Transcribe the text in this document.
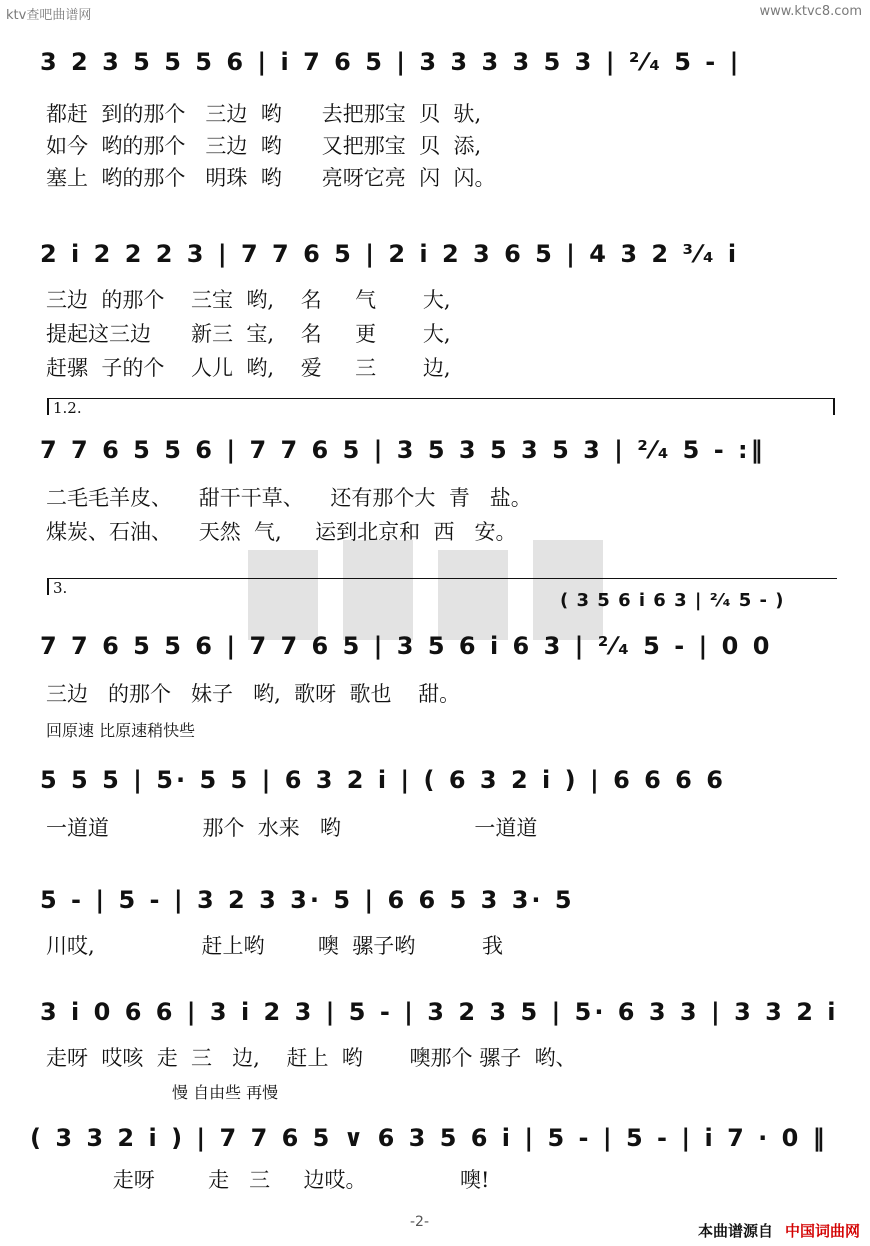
ktv查吧曲谱网	www.ktvc8.com
3 2 3 5 5 5 6 | i 7 6 5 | 3 3 3 3 5 3 | ²⁄₄ 5 - |
都赶  到的那个   三边  哟      去把那宝  贝  驮,
如今  哟的那个   三边  哟      又把那宝  贝  添,
塞上  哟的那个   明珠  哟      亮呀它亮  闪  闪。
2 i 2 2 2 3 | 7 7 6 5 | 2 i 2 3 6 5 | 4 3 2 ³⁄₄ i
三边  的那个    三宝  哟,    名     气       大,
提起这三边      新三  宝,    名     更       大,
赶骡  子的个    人儿  哟,    爱     三       边,
1.2.
7 7 6 5 5 6 | 7 7 6 5 | 3 5 3 5 3 5 3 | ²⁄₄ 5 - :‖
二毛毛羊皮、    甜干干草、    还有那个大  青   盐。
煤炭、石油、    天然  气,     运到北京和  西   安。
3.
( 3 5 6 i 6 3 | ²⁄₄ 5 - )
7 7 6 5 5 6 | 7 7 6 5 | 3 5 6 i 6 3 | ²⁄₄ 5 - | 0 0
三边   的那个   妹子   哟,  歌呀  歌也    甜。
回原速 比原速稍快些
5 5 5 | 5· 5 5 | 6 3 2 i | ( 6 3 2 i ) | 6 6 6 6
一道道              那个  水来   哟                    一道道
5 - | 5 - | 3 2 3 3· 5 | 6 6 5 3 3· 5
川哎,                赶上哟        噢  骡子哟          我
3 i 0 6 6 | 3 i 2 3 | 5 - | 3 2 3 5 | 5· 6 3 3 | 3 3 2 i
走呀  哎咳  走  三   边,    赶上  哟       噢那个 骡子  哟、
慢 自由些 再慢
( 3 3 2 i ) | 7 7 6 5 ∨ 6 3 5 6 i | 5 - | 5 - | i 7 · 0 ‖
走呀        走   三     边哎。              噢!
-2-	本曲谱源自 中国词曲网
